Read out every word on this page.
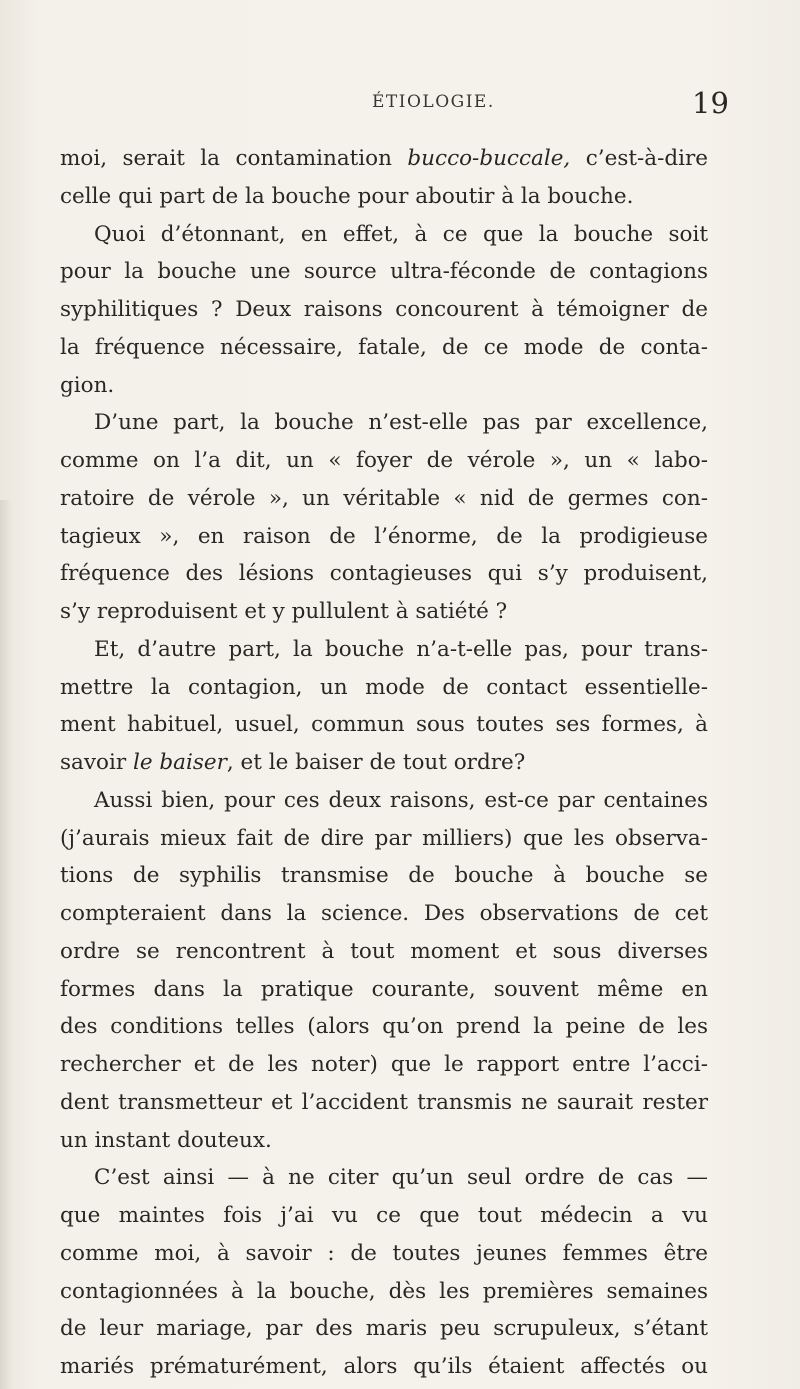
ÉTIOLOGIE.	19
moi, serait la contamination bucco-buccale, c’est-à-dire
celle qui part de la bouche pour aboutir à la bouche.
Quoi d’étonnant, en effet, à ce que la bouche soit
pour la bouche une source ultra-féconde de contagions
syphilitiques ? Deux raisons concourent à témoigner de
la fréquence nécessaire, fatale, de ce mode de conta-
gion.
D’une part, la bouche n’est-elle pas par excellence,
comme on l’a dit, un « foyer de vérole », un « labo-
ratoire de vérole », un véritable « nid de germes con-
tagieux », en raison de l’énorme, de la prodigieuse
fréquence des lésions contagieuses qui s’y produisent,
s’y reproduisent et y pullulent à satiété ?
Et, d’autre part, la bouche n’a-t-elle pas, pour trans-
mettre la contagion, un mode de contact essentielle-
ment habituel, usuel, commun sous toutes ses formes, à
savoir le baiser, et le baiser de tout ordre?
Aussi bien, pour ces deux raisons, est-ce par centaines
(j’aurais mieux fait de dire par milliers) que les observa-
tions de syphilis transmise de bouche à bouche se
compteraient dans la science. Des observations de cet
ordre se rencontrent à tout moment et sous diverses
formes dans la pratique courante, souvent même en
des conditions telles (alors qu’on prend la peine de les
rechercher et de les noter) que le rapport entre l’acci-
dent transmetteur et l’accident transmis ne saurait rester
un instant douteux.
C’est ainsi — à ne citer qu’un seul ordre de cas —
que maintes fois j’ai vu ce que tout médecin a vu
comme moi, à savoir : de toutes jeunes femmes être
contagionnées à la bouche, dès les premières semaines
de leur mariage, par des maris peu scrupuleux, s’étant
mariés prématurément, alors qu’ils étaient affectés ou
